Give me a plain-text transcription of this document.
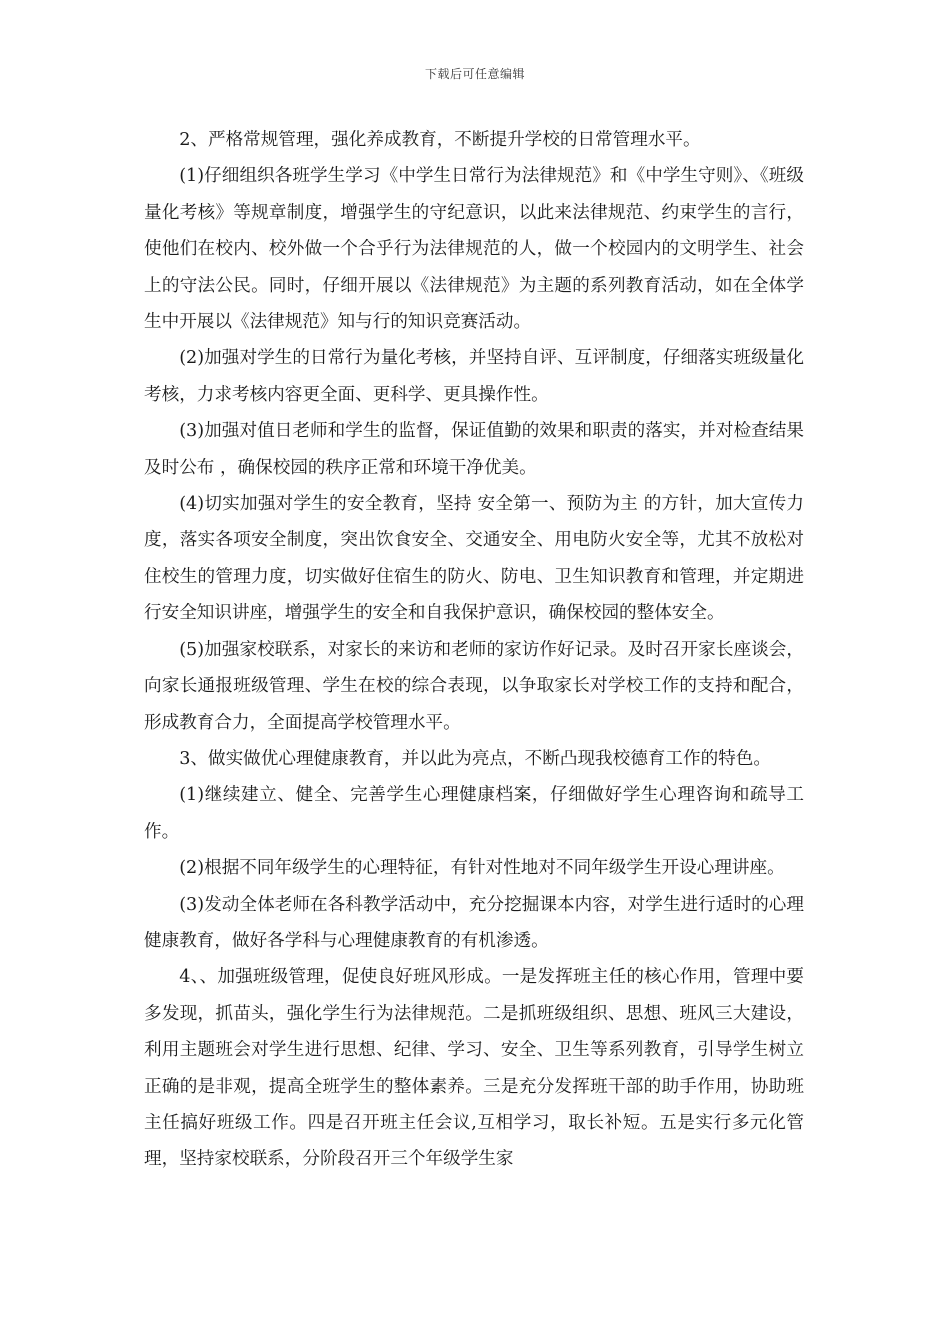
下载后可任意编辑

2、严格常规管理，强化养成教育，不断提升学校的日常管理水平。

(1)仔细组织各班学生学习《中学生日常行为法律规范》和《中学生守则》、《班级量化考核》等规章制度，增强学生的守纪意识，以此来法律规范、约束学生的言行，使他们在校内、校外做一个合乎行为法律规范的人，做一个校园内的文明学生、社会上的守法公民。同时，仔细开展以《法律规范》为主题的系列教育活动，如在全体学生中开展以《法律规范》知与行的知识竞赛活动。

(2)加强对学生的日常行为量化考核，并坚持自评、互评制度，仔细落实班级量化考核，力求考核内容更全面、更科学、更具操作性。

(3)加强对值日老师和学生的监督，保证值勤的效果和职责的落实，并对检查结果及时公布 ，确保校园的秩序正常和环境干净优美。

(4)切实加强对学生的安全教育，坚持 安全第一、预防为主 的方针，加大宣传力度，落实各项安全制度，突出饮食安全、交通安全、用电防火安全等，尤其不放松对住校生的管理力度，切实做好住宿生的防火、防电、卫生知识教育和管理，并定期进行安全知识讲座，增强学生的安全和自我保护意识，确保校园的整体安全。

(5)加强家校联系，对家长的来访和老师的家访作好记录。及时召开家长座谈会，向家长通报班级管理、学生在校的综合表现，以争取家长对学校工作的支持和配合，形成教育合力，全面提高学校管理水平。

3、做实做优心理健康教育，并以此为亮点，不断凸现我校德育工作的特色。

(1)继续建立、健全、完善学生心理健康档案，仔细做好学生心理咨询和疏导工作。

(2)根据不同年级学生的心理特征，有针对性地对不同年级学生开设心理讲座。

(3)发动全体老师在各科教学活动中，充分挖掘课本内容，对学生进行适时的心理健康教育，做好各学科与心理健康教育的有机渗透。

4、、加强班级管理，促使良好班风形成。一是发挥班主任的核心作用，管理中要多发现，抓苗头，强化学生行为法律规范。二是抓班级组织、思想、班风三大建设，利用主题班会对学生进行思想、纪律、学习、安全、卫生等系列教育，引导学生树立正确的是非观，提高全班学生的整体素养。三是充分发挥班干部的助手作用，协助班主任搞好班级工作。四是召开班主任会议,互相学习，取长补短。五是实行多元化管理，坚持家校联系，分阶段召开三个年级学生家
